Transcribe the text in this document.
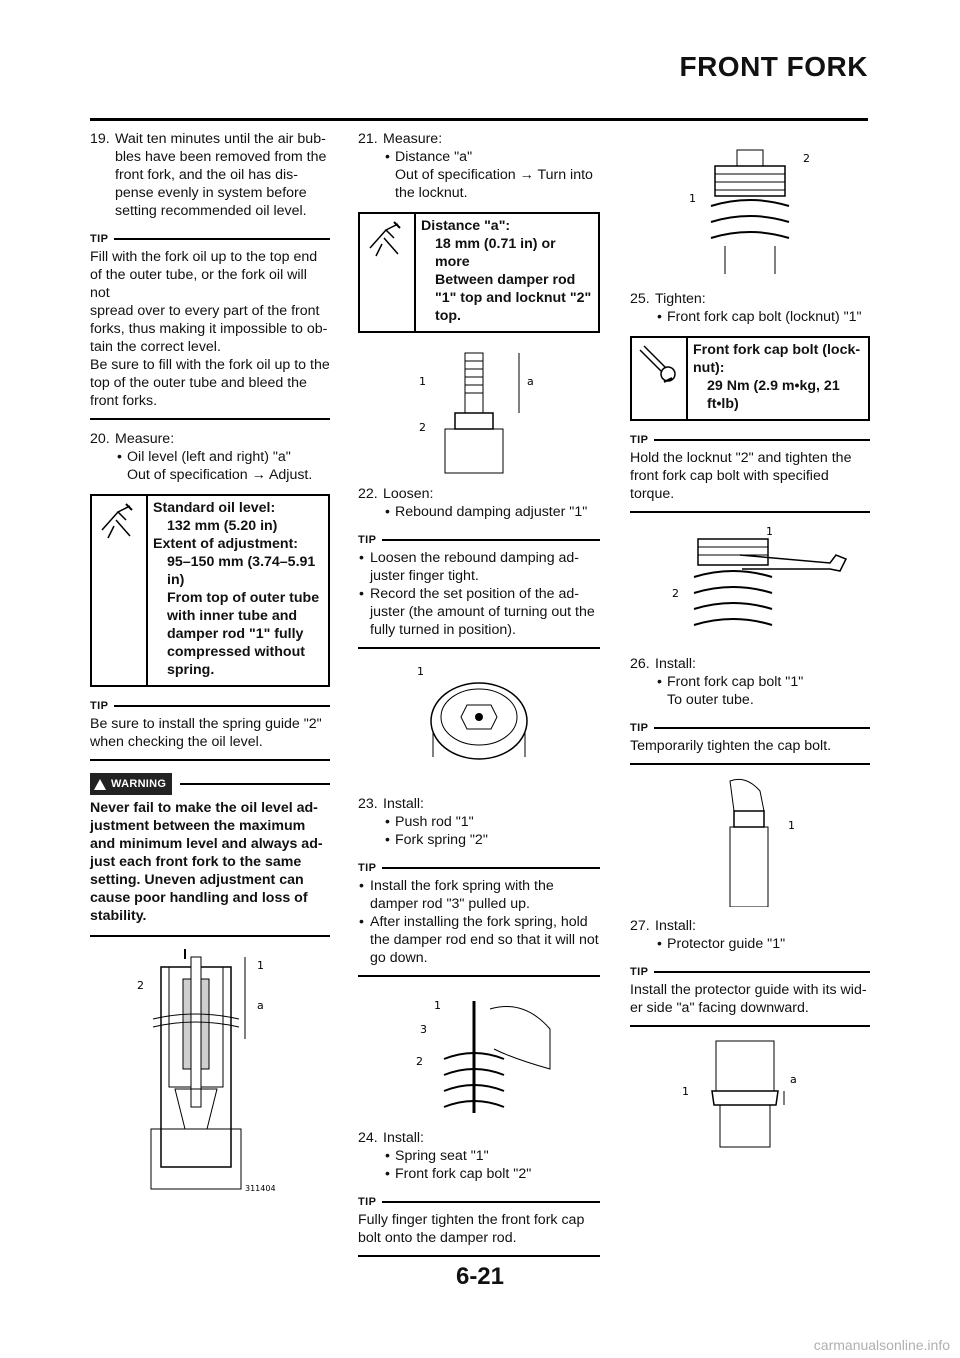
FRONT FORK
19. Wait ten minutes until the air bub-
bles have been removed from the
front fork, and the oil has dis-
pense evenly in system before
setting recommended oil level.
TIP
Fill with the fork oil up to the top end
of the outer tube, or the fork oil will not
spread over to every part of the front
forks, thus making it impossible to ob-
tain the correct level.
Be sure to fill with the fork oil up to the
top of the outer tube and bleed the
front forks.
20. Measure:
• Oil level (left and right) "a"
Out of specification → Adjust.
Standard oil level:
132 mm (5.20 in)
Extent of adjustment:
95–150 mm (3.74–5.91
in)
From top of outer tube
with inner tube and
damper rod "1" fully
compressed without
spring.
TIP
Be sure to install the spring guide "2"
when checking the oil level.
WARNING
Never fail to make the oil level ad-
justment between the maximum
and minimum level and always ad-
just each front fork to the same
setting. Uneven adjustment can
cause poor handling and loss of
stability.
1
2
a
311404
21. Measure:
• Distance "a"
Out of specification → Turn into
the locknut.
Distance "a":
18 mm (0.71 in) or more
Between damper rod
"1" top and locknut "2"
top.
1
2
a
22. Loosen:
• Rebound damping adjuster "1"
TIP
• Loosen the rebound damping ad-
juster finger tight.
• Record the set position of the ad-
juster (the amount of turning out the
fully turned in position).
1
23. Install:
• Push rod "1"
• Fork spring "2"
TIP
• Install the fork spring with the
damper rod "3" pulled up.
• After installing the fork spring, hold
the damper rod end so that it will not
go down.
1
3
2
24. Install:
• Spring seat "1"
• Front fork cap bolt "2"
TIP
Fully finger tighten the front fork cap
bolt onto the damper rod.
2
1
25. Tighten:
• Front fork cap bolt (locknut) "1"
Front fork cap bolt (lock-
nut):
29 Nm (2.9 m•kg, 21
ft•lb)
TIP
Hold the locknut "2" and tighten the
front fork cap bolt with specified
torque.
1
2
26. Install:
• Front fork cap bolt "1"
To outer tube.
TIP
Temporarily tighten the cap bolt.
1
27. Install:
• Protector guide "1"
TIP
Install the protector guide with its wid-
er side "a" facing downward.
1
a
6-21
carmanualsonline.info
